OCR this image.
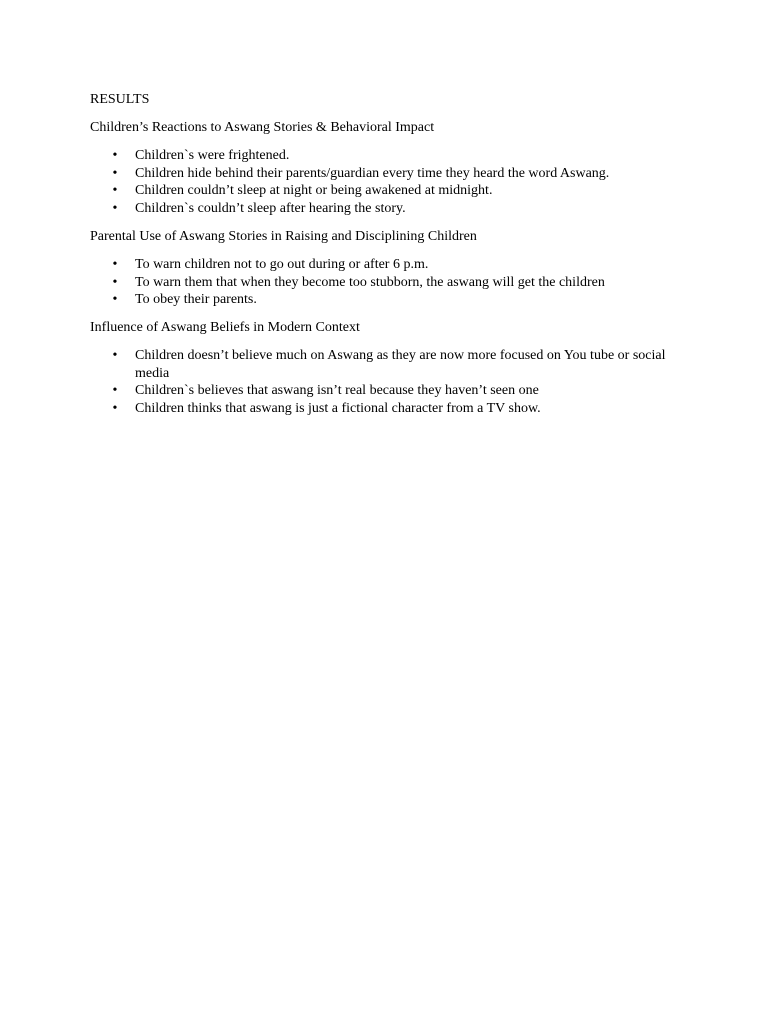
RESULTS

Children’s Reactions to Aswang Stories & Behavioral Impact

• Children`s were frightened.
• Children hide behind their parents/guardian every time they heard the word Aswang.
• Children couldn’t sleep at night or being awakened at midnight.
• Children`s couldn’t sleep after hearing the story.

Parental Use of Aswang Stories in Raising and Disciplining Children

• To warn children not to go out during or after 6 p.m.
• To warn them that when they become too stubborn, the aswang will get the children
• To obey their parents.

Influence of Aswang Beliefs in Modern Context

• Children doesn’t believe much on Aswang as they are now more focused on You tube or social media
• Children`s believes that aswang isn’t real because they haven’t seen one
• Children thinks that aswang is just a fictional character from a TV show.
